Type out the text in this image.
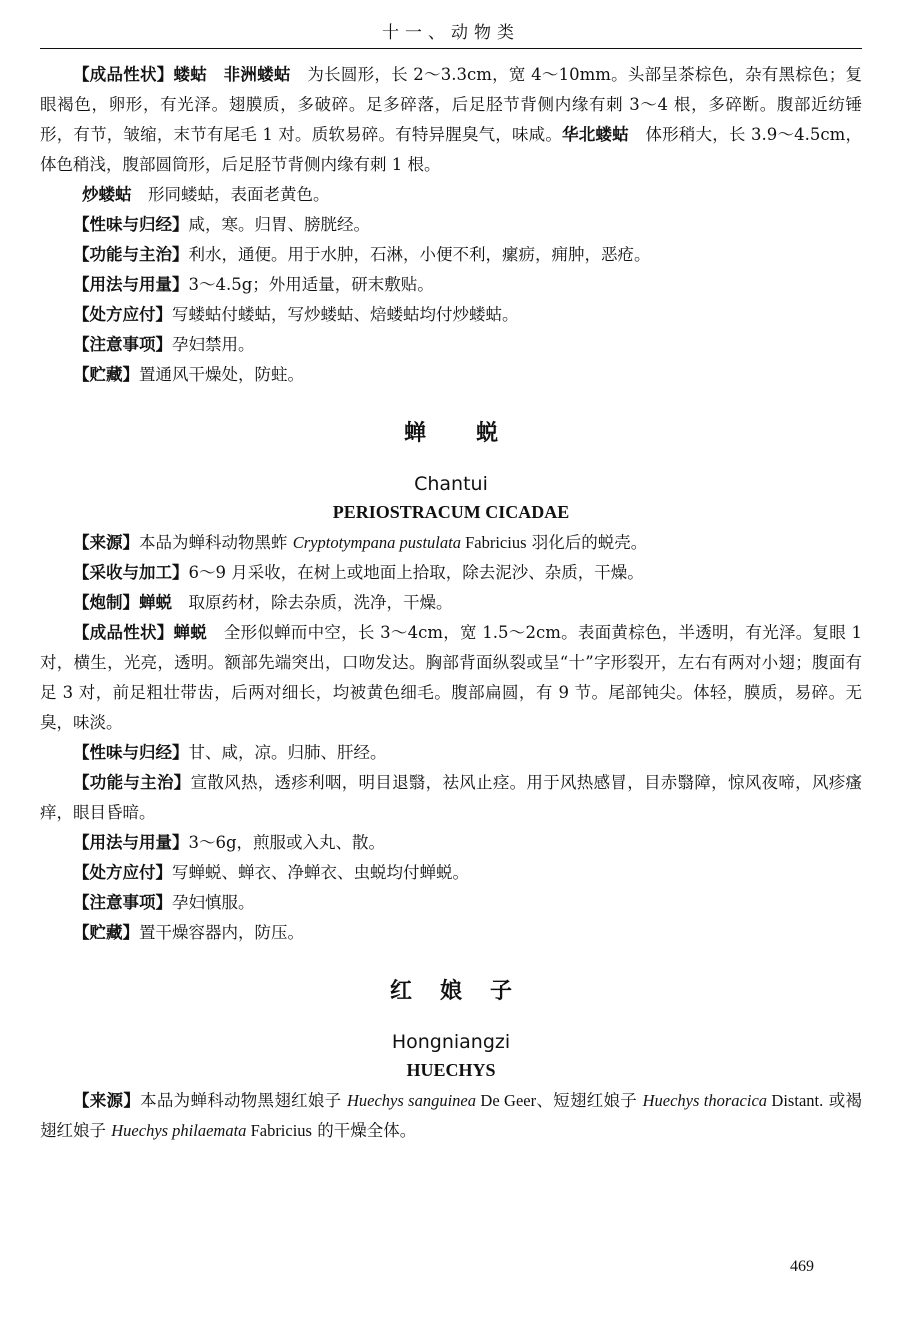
十一、动物类

【成品性状】蝼蛄　非洲蝼蛄　为长圆形，长 2～3.3cm，宽 4～10mm。头部呈茶棕色，杂有黑棕色；复眼褐色，卵形，有光泽。翅膜质，多破碎。足多碎落，后足胫节背侧内缘有刺 3～4 根，多碎断。腹部近纺锤形，有节，皱缩，末节有尾毛 1 对。质软易碎。有特异腥臭气，味咸。华北蝼蛄　体形稍大，长 3.9～4.5cm，体色稍浅，腹部圆筒形，后足胫节背侧内缘有刺 1 根。

炒蝼蛄　形同蝼蛄，表面老黄色。

【性味与归经】咸，寒。归胃、膀胱经。

【功能与主治】利水，通便。用于水肿，石淋，小便不利，瘰疬，痈肿，恶疮。

【用法与用量】3～4.5g；外用适量，研末敷贴。

【处方应付】写蝼蛄付蝼蛄，写炒蝼蛄、焙蝼蛄均付炒蝼蛄。

【注意事项】孕妇禁用。

【贮藏】置通风干燥处，防蛀。

蝉蜕
Chantui
PERIOSTRACUM CICADAE

【来源】本品为蝉科动物黑蚱 Cryptotympana pustulata Fabricius 羽化后的蜕壳。

【采收与加工】6～9 月采收，在树上或地面上拾取，除去泥沙、杂质，干燥。

【炮制】蝉蜕　取原药材，除去杂质，洗净，干燥。

【成品性状】蝉蜕　全形似蝉而中空，长 3～4cm，宽 1.5～2cm。表面黄棕色，半透明，有光泽。复眼 1 对，横生，光亮，透明。额部先端突出，口吻发达。胸部背面纵裂或呈“十”字形裂开，左右有两对小翅；腹面有足 3 对，前足粗壮带齿，后两对细长，均被黄色细毛。腹部扁圆，有 9 节。尾部钝尖。体轻，膜质，易碎。无臭，味淡。

【性味与归经】甘、咸，凉。归肺、肝经。

【功能与主治】宣散风热，透疹利咽，明目退翳，祛风止痉。用于风热感冒，目赤翳障，惊风夜啼，风疹瘙痒，眼目昏暗。

【用法与用量】3～6g，煎服或入丸、散。

【处方应付】写蝉蜕、蝉衣、净蝉衣、虫蜕均付蝉蜕。

【注意事项】孕妇慎服。

【贮藏】置干燥容器内，防压。

红娘子
Hongniangzi
HUECHYS

【来源】本品为蝉科动物黑翅红娘子 Huechys sanguinea De Geer、短翅红娘子 Huechys thoracica Distant. 或褐翅红娘子 Huechys philaemata Fabricius 的干燥全体。

469
